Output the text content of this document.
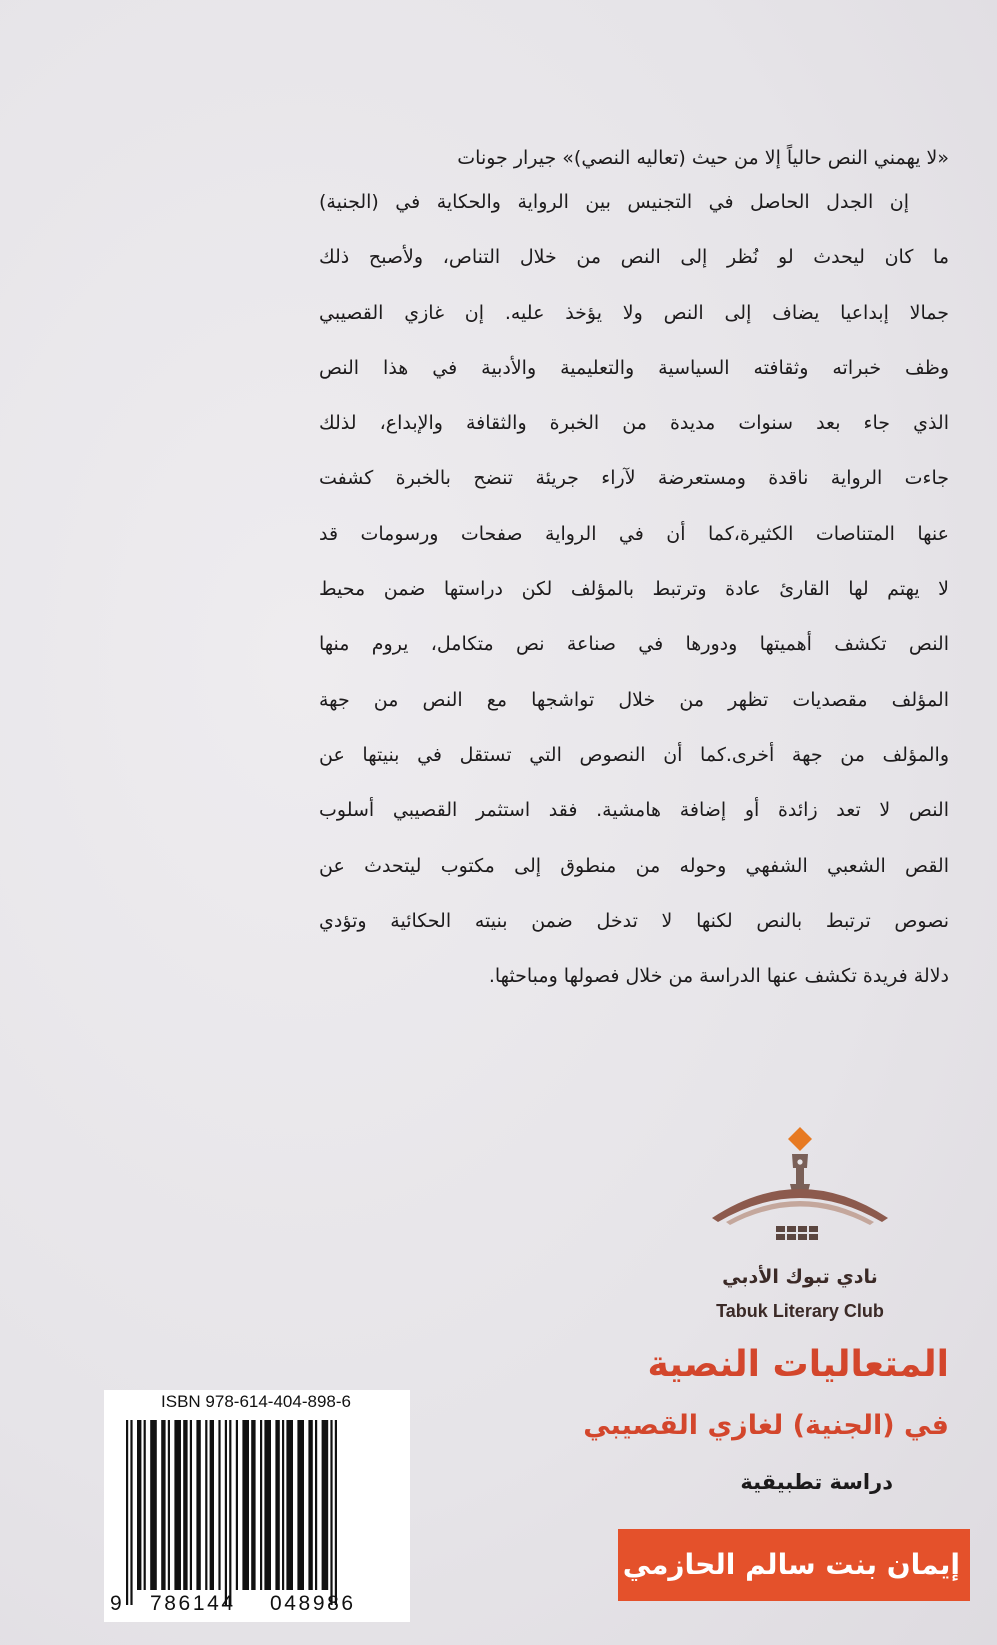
«لا يهمني النص حالياً إلا من حيث (تعاليه النصي)» جيرار جونات
إن الجدل الحاصل في التجنيس بين الرواية والحكاية في (الجنية)
ما كان ليحدث لو نُظر إلى النص من خلال التناص، ولأصبح ذلك
جمالا إبداعيا يضاف إلى النص ولا يؤخذ عليه. إن غازي القصيبي
وظف خبراته وثقافته السياسية والتعليمية والأدبية في هذا النص
الذي جاء بعد سنوات مديدة من الخبرة والثقافة والإبداع، لذلك
جاءت الرواية ناقدة ومستعرضة لآراء جريئة تنضح بالخبرة كشفت
عنها المتناصات الكثيرة،كما أن في الرواية صفحات ورسومات قد
لا يهتم لها القارئ عادة وترتبط بالمؤلف لكن دراستها ضمن محيط
النص تكشف أهميتها ودورها في صناعة نص متكامل، يروم منها
المؤلف مقصديات تظهر من خلال تواشجها مع النص من جهة
والمؤلف من جهة أخرى.كما أن النصوص التي تستقل في بنيتها عن
النص لا تعد زائدة أو إضافة هامشية. فقد استثمر القصيبي أسلوب
القص الشعبي الشفهي وحوله من منطوق إلى مكتوب ليتحدث عن
نصوص ترتبط بالنص لكنها لا تدخل ضمن بنيته الحكائية وتؤدي
دلالة فريدة تكشف عنها الدراسة من خلال فصولها ومباحثها.
نادي تبوك الأدبي
Tabuk Literary Club
المتعاليات النصية
في (الجنية) لغازي القصيبي
دراسة تطبيقية
إيمان بنت سالم الحازمي
ISBN 978-614-404-898-6
9 786144 048986
